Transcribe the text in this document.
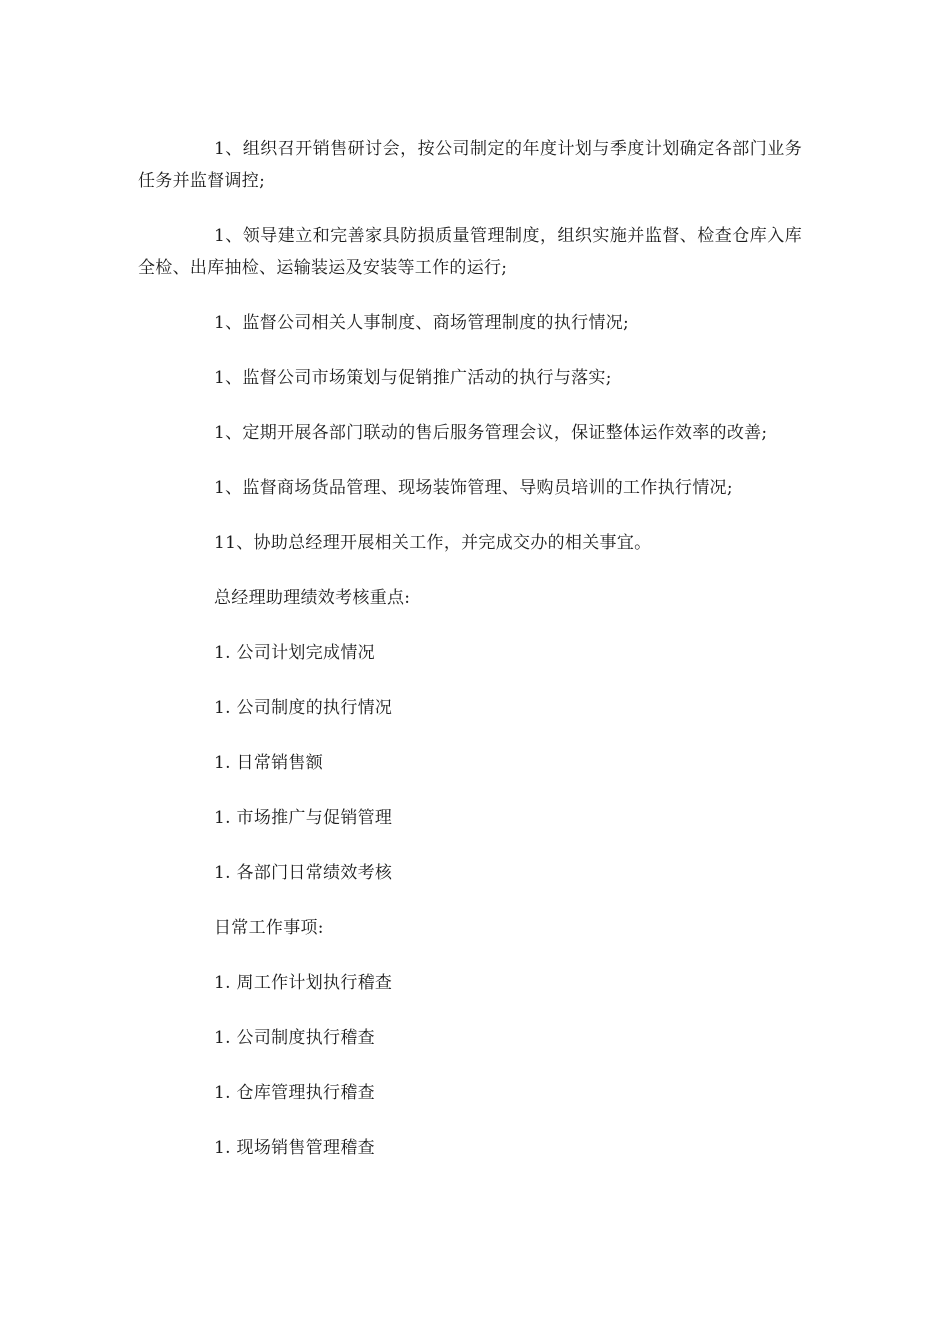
1、组织召开销售研讨会，按公司制定的年度计划与季度计划确定各部门业务任务并监督调控;

1、领导建立和完善家具防损质量管理制度，组织实施并监督、检查仓库入库全检、出库抽检、运输装运及安装等工作的运行;

1、监督公司相关人事制度、商场管理制度的执行情况;

1、监督公司市场策划与促销推广活动的执行与落实;

1、定期开展各部门联动的售后服务管理会议，保证整体运作效率的改善;

1、监督商场货品管理、现场装饰管理、导购员培训的工作执行情况;

11、协助总经理开展相关工作，并完成交办的相关事宜。

总经理助理绩效考核重点:

1. 公司计划完成情况

1. 公司制度的执行情况

1. 日常销售额

1. 市场推广与促销管理

1. 各部门日常绩效考核

日常工作事项:

1. 周工作计划执行稽查

1. 公司制度执行稽查

1. 仓库管理执行稽查

1. 现场销售管理稽查
